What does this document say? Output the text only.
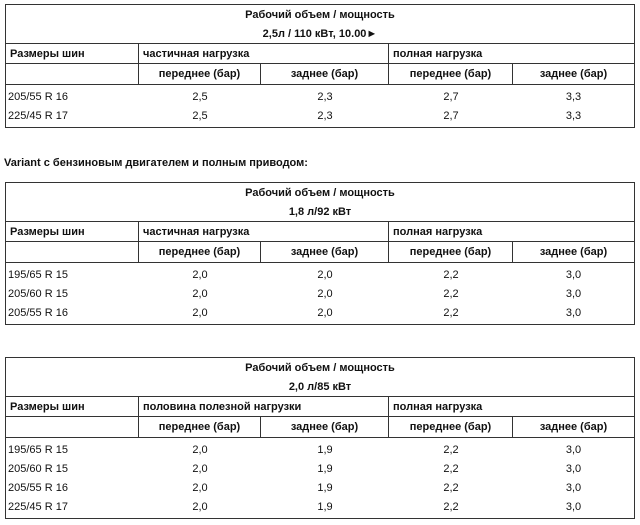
Рабочий объем / мощность
2,5л / 110 кВт, 10.00►
Размеры шин	частичная нагрузка	полная нагрузка
переднее (бар)	заднее (бар)	переднее (бар)	заднее (бар)
205/55 R 16	2,5	2,3	2,7	3,3
225/45 R 17	2,5	2,3	2,7	3,3
Variant с бензиновым двигателем и полным приводом:
Рабочий объем / мощность
1,8 л/92 кВт
Размеры шин	частичная нагрузка	полная нагрузка
переднее (бар)	заднее (бар)	переднее (бар)	заднее (бар)
195/65 R 15	2,0	2,0	2,2	3,0
205/60 R 15	2,0	2,0	2,2	3,0
205/55 R 16	2,0	2,0	2,2	3,0
Рабочий объем / мощность
2,0 л/85 кВт
Размеры шин	половина полезной нагрузки	полная нагрузка
переднее (бар)	заднее (бар)	переднее (бар)	заднее (бар)
195/65 R 15	2,0	1,9	2,2	3,0
205/60 R 15	2,0	1,9	2,2	3,0
205/55 R 16	2,0	1,9	2,2	3,0
225/45 R 17	2,0	1,9	2,2	3,0
